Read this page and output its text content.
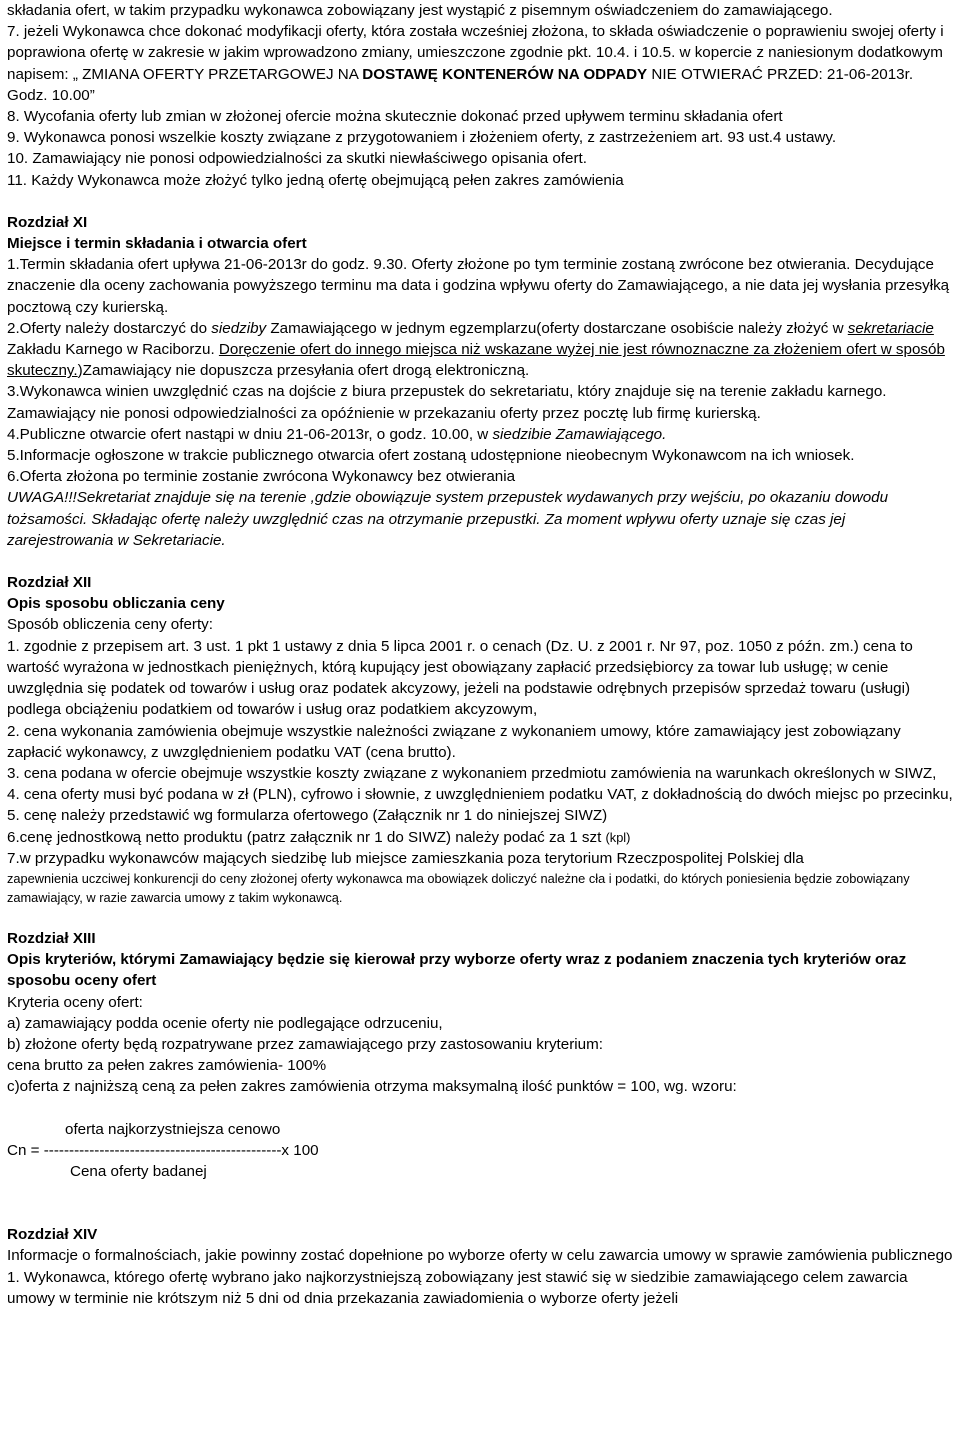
składania ofert, w takim przypadku wykonawca zobowiązany jest wystąpić z pisemnym oświadczeniem do zamawiającego.

7. jeżeli Wykonawca chce dokonać modyfikacji oferty, która została wcześniej złożona, to składa oświadczenie o poprawieniu swojej oferty i poprawiona ofertę w zakresie w jakim wprowadzono zmiany, umieszczone zgodnie pkt. 10.4. i 10.5. w kopercie z naniesionym dodatkowym napisem: „ ZMIANA OFERTY PRZETARGOWEJ NA DOSTAWĘ KONTENERÓW NA ODPADY NIE OTWIERAĆ PRZED: 21-06-2013r. Godz. 10.00”

8. Wycofania oferty lub zmian w złożonej ofercie można skutecznie dokonać przed upływem terminu składania ofert

9. Wykonawca ponosi wszelkie koszty związane z przygotowaniem i złożeniem oferty, z zastrzeżeniem art. 93 ust.4 ustawy.

10. Zamawiający nie ponosi odpowiedzialności za skutki niewłaściwego opisania ofert.

11. Każdy Wykonawca może złożyć tylko jedną ofertę obejmującą pełen zakres zamówienia

Rozdział XI

Miejsce i termin składania i otwarcia ofert

1.Termin składania ofert upływa 21-06-2013r do godz. 9.30. Oferty złożone po tym terminie zostaną zwrócone bez otwierania. Decydujące znaczenie dla oceny zachowania powyższego terminu ma data i godzina wpływu oferty do Zamawiającego, a nie data jej wysłania przesyłką pocztową czy kurierską.

2.Oferty należy dostarczyć do siedziby Zamawiającego w jednym egzemplarzu(oferty dostarczane osobiście należy złożyć w sekretariacie Zakładu Karnego w Raciborzu. Doręczenie ofert do innego miejsca niż wskazane wyżej nie jest równoznaczne za złożeniem ofert w sposób skuteczny.)Zamawiający nie dopuszcza przesyłania ofert drogą elektroniczną.

3.Wykonawca winien uwzględnić czas na dojście z biura przepustek do sekretariatu, który znajduje się na terenie zakładu karnego. Zamawiający nie ponosi odpowiedzialności za opóźnienie w przekazaniu oferty przez pocztę lub firmę kurierską.

4.Publiczne otwarcie ofert nastąpi w dniu 21-06-2013r, o godz. 10.00, w siedzibie Zamawiającego.

5.Informacje ogłoszone w trakcie publicznego otwarcia ofert zostaną udostępnione nieobecnym Wykonawcom na ich wniosek.

6.Oferta złożona po terminie zostanie zwrócona Wykonawcy bez otwierania

UWAGA!!!Sekretariat znajduje się na terenie ,gdzie obowiązuje system przepustek wydawanych przy wejściu, po okazaniu dowodu tożsamości. Składając ofertę należy uwzględnić czas na otrzymanie przepustki. Za moment wpływu oferty uznaje się czas jej zarejestrowania w Sekretariacie.

Rozdział XII

Opis sposobu obliczania ceny

Sposób obliczenia ceny oferty:

1. zgodnie z przepisem art. 3 ust. 1 pkt 1 ustawy z dnia 5 lipca 2001 r. o cenach (Dz. U. z 2001 r. Nr 97, poz. 1050 z późn. zm.) cena to wartość wyrażona w jednostkach pieniężnych, którą kupujący jest obowiązany zapłacić przedsiębiorcy za towar lub usługę; w cenie uwzględnia się podatek od towarów i usług oraz podatek akcyzowy, jeżeli na podstawie odrębnych przepisów sprzedaż towaru (usługi) podlega obciążeniu podatkiem od towarów i usług oraz podatkiem akcyzowym,

2. cena wykonania zamówienia obejmuje wszystkie należności związane z wykonaniem umowy, które zamawiający jest zobowiązany zapłacić wykonawcy, z uwzględnieniem podatku VAT (cena brutto).

3. cena podana w ofercie obejmuje wszystkie koszty związane z wykonaniem przedmiotu zamówienia na warunkach określonych w SIWZ,

4. cena oferty musi być podana w zł (PLN), cyfrowo i słownie, z uwzględnieniem podatku VAT, z dokładnością do dwóch miejsc po przecinku,

5. cenę należy przedstawić wg formularza ofertowego (Załącznik nr 1 do niniejszej SIWZ)

6.cenę jednostkową netto produktu (patrz załącznik nr 1 do SIWZ) należy podać za 1 szt (kpl)

7.w przypadku wykonawców mających siedzibę lub miejsce zamieszkania poza terytorium Rzeczpospolitej Polskiej dla

zapewnienia uczciwej konkurencji do ceny złożonej oferty wykonawca ma obowiązek doliczyć należne cła i podatki, do których poniesienia będzie zobowiązany zamawiający, w razie zawarcia umowy z takim wykonawcą.

Rozdział XIII

Opis kryteriów, którymi Zamawiający będzie się kierował przy wyborze oferty wraz z podaniem znaczenia tych kryteriów oraz sposobu oceny ofert

Kryteria oceny ofert:

a) zamawiający podda ocenie oferty nie podlegające odrzuceniu,

b) złożone oferty będą rozpatrywane przez zamawiającego przy zastosowaniu kryterium:

cena brutto za pełen zakres zamówienia- 100%

c)oferta z najniższą ceną za pełen zakres zamówienia otrzyma maksymalną ilość punktów = 100, wg. wzoru:

oferta najkorzystniejsza cenowo

Cn = -----------------------------------------------x 100

Cena oferty badanej

Rozdział XIV

Informacje o formalnościach, jakie powinny zostać dopełnione po wyborze oferty w celu zawarcia umowy w sprawie zamówienia publicznego

1. Wykonawca, którego ofertę wybrano jako najkorzystniejszą zobowiązany jest stawić się w siedzibie zamawiającego celem zawarcia umowy w terminie nie krótszym niż 5 dni od dnia przekazania zawiadomienia o wyborze oferty jeżeli
